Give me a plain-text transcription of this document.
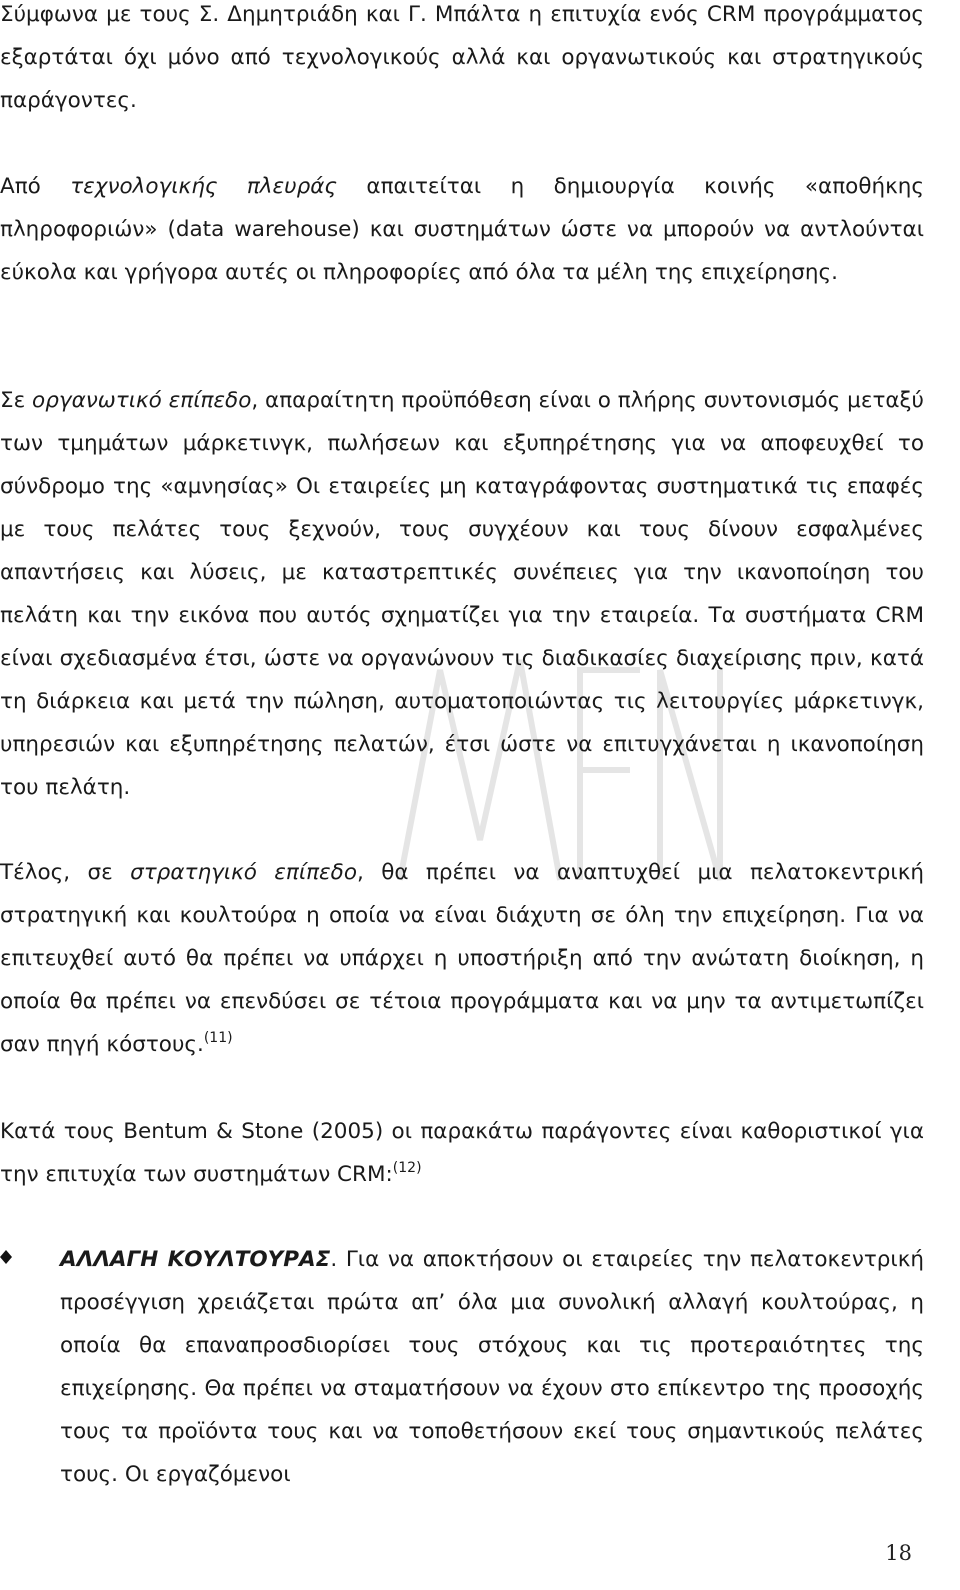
Σύμφωνα με τους Σ. Δημητριάδη και Γ. Μπάλτα η επιτυχία ενός CRM προγράμματος εξαρτάται όχι μόνο από τεχνολογικούς αλλά και οργανωτικούς και στρατηγικούς παράγοντες.

Από τεχνολογικής πλευράς απαιτείται η δημιουργία κοινής «αποθήκης πληροφοριών» (data warehouse) και συστημάτων ώστε να μπορούν να αντλούνται εύκολα και γρήγορα αυτές οι πληροφορίες από όλα τα μέλη της επιχείρησης.

Σε οργανωτικό επίπεδο, απαραίτητη προϋπόθεση είναι ο πλήρης συντονισμός μεταξύ των τμημάτων μάρκετινγκ, πωλήσεων και εξυπηρέτησης για να αποφευχθεί το σύνδρομο της «αμνησίας» Οι εταιρείες μη καταγράφοντας συστηματικά τις επαφές με τους πελάτες τους ξεχνούν, τους συγχέουν και τους δίνουν εσφαλμένες απαντήσεις και λύσεις, με καταστρεπτικές συνέπειες για την ικανοποίηση του πελάτη και την εικόνα που αυτός σχηματίζει για την εταιρεία. Τα συστήματα CRM είναι σχεδιασμένα έτσι, ώστε να οργανώνουν τις διαδικασίες διαχείρισης πριν, κατά τη διάρκεια και μετά την πώληση, αυτοματοποιώντας τις λειτουργίες μάρκετινγκ, υπηρεσιών και εξυπηρέτησης πελατών, έτσι ώστε να επιτυγχάνεται η ικανοποίηση του πελάτη.

Τέλος, σε στρατηγικό επίπεδο, θα πρέπει να αναπτυχθεί μια πελατοκεντρική στρατηγική και κουλτούρα η οποία να είναι διάχυτη σε όλη την επιχείρηση. Για να επιτευχθεί αυτό θα πρέπει να υπάρχει η υποστήριξη από την ανώτατη διοίκηση, η οποία θα πρέπει να επενδύσει σε τέτοια προγράμματα και να μην τα αντιμετωπίζει σαν πηγή κόστους.$^{(11)}$

Κατά τους Bentum & Stone (2005) οι παρακάτω παράγοντες είναι καθοριστικοί για την επιτυχία των συστημάτων CRM:$^{(12)}$

ΑΛΛΑΓΗ ΚΟΥΛΤΟΥΡΑΣ. Για να αποκτήσουν οι εταιρείες την πελατοκεντρική προσέγγιση χρειάζεται πρώτα απ’ όλα μια συνολική αλλαγή κουλτούρας, η οποία θα επαναπροσδιορίσει τους στόχους και τις προτεραιότητες της επιχείρησης. Θα πρέπει να σταματήσουν να έχουν στο επίκεντρο της προσοχής τους τα προϊόντα τους και να τοποθετήσουν εκεί τους σημαντικούς πελάτες τους. Οι εργαζόμενοι

18
